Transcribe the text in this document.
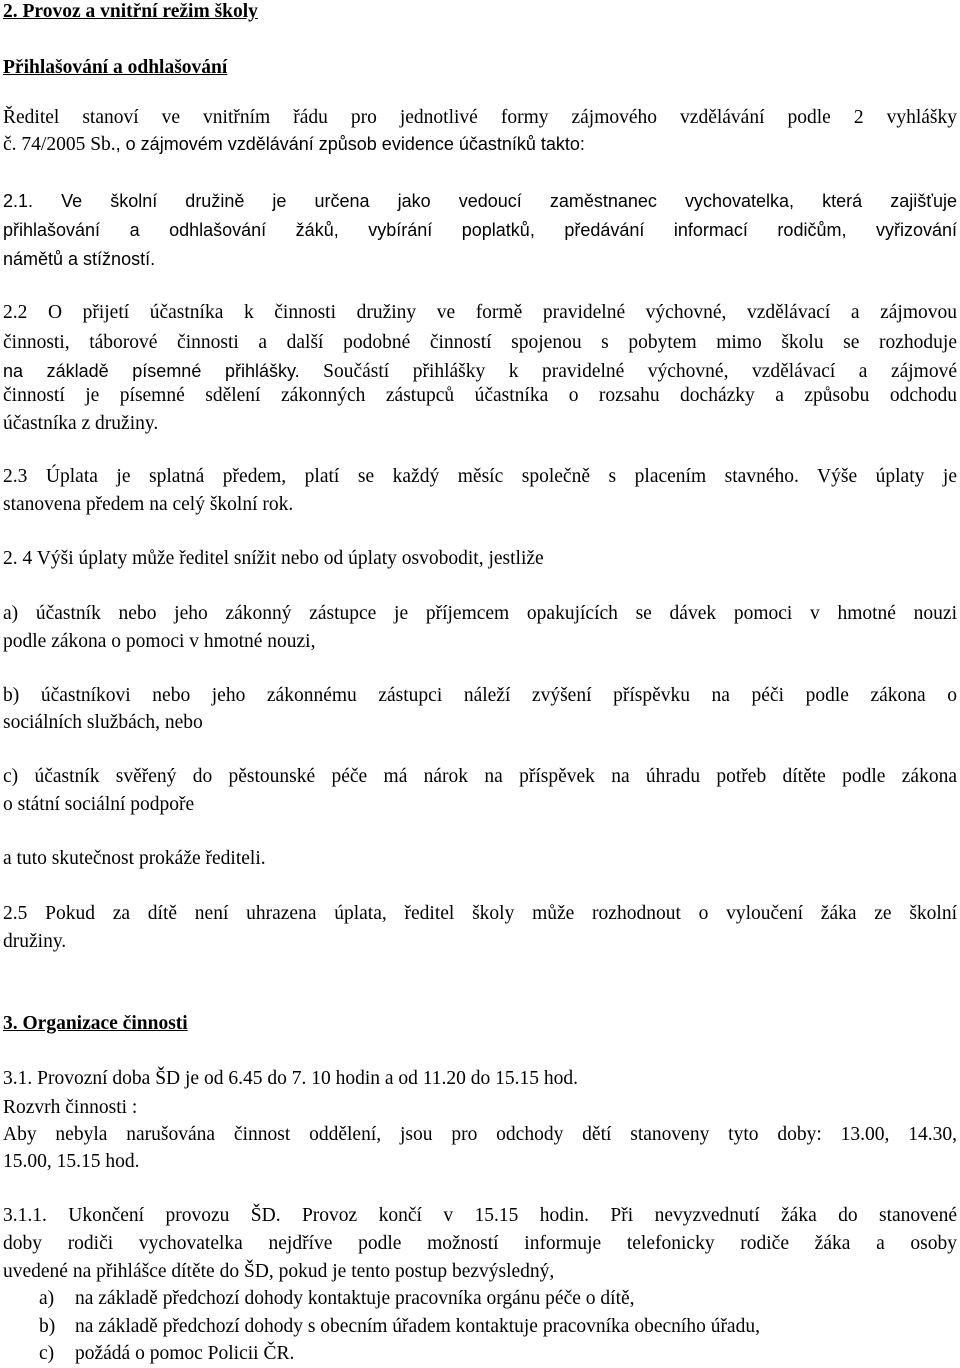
2. Provoz a vnitřní režim školy
Přihlašování a odhlašování
Ředitel stanoví ve vnitřním řádu pro jednotlivé formy zájmového vzdělávání podle 2 vyhlášky
č. 74/2005 Sb., o zájmovém vzdělávání způsob evidence účastníků takto:
2.1. Ve školní družině je určena jako vedoucí zaměstnanec vychovatelka, která zajišťuje
přihlašování a odhlašování žáků, vybírání poplatků, předávání informací rodičům, vyřizování
námětů a stížností.
2.2 O přijetí účastníka k činnosti družiny ve formě pravidelné výchovné, vzdělávací a zájmovou
činnosti, táborové činnosti a další podobné činností spojenou s pobytem mimo školu se rozhoduje
na základě písemné přihlášky. Součástí přihlášky k pravidelné výchovné, vzdělávací a zájmové
činností je písemné sdělení zákonných zástupců účastníka o rozsahu docházky a způsobu odchodu
účastníka z družiny.
2.3 Úplata je splatná předem, platí se každý měsíc společně s placením stavného. Výše úplaty je
stanovena předem na celý školní rok.
2. 4 Výši úplaty může ředitel snížit nebo od úplaty osvobodit, jestliže
a) účastník nebo jeho zákonný zástupce je příjemcem opakujících se dávek pomoci v hmotné nouzi
podle zákona o pomoci v hmotné nouzi,
b) účastníkovi nebo jeho zákonnému zástupci náleží zvýšení příspěvku na péči podle zákona o
sociálních službách, nebo
c) účastník svěřený do pěstounské péče má nárok na příspěvek na úhradu potřeb dítěte podle zákona
o státní sociální podpoře
a tuto skutečnost prokáže řediteli.
2.5 Pokud za dítě není uhrazena úplata, ředitel školy může rozhodnout o vyloučení žáka ze školní
družiny.
3. Organizace činnosti
3.1. Provozní doba ŠD je od 6.45 do 7. 10 hodin a od 11.20 do 15.15 hod.
Rozvrh činnosti :
Aby nebyla narušována činnost oddělení, jsou pro odchody dětí stanoveny tyto doby: 13.00, 14.30,
15.00, 15.15 hod.
3.1.1. Ukončení provozu ŠD. Provoz končí v 15.15 hodin. Při nevyzvednutí žáka do stanovené
doby rodiči vychovatelka nejdříve podle možností informuje telefonicky rodiče žáka a osoby
uvedené na přihlášce dítěte do ŠD, pokud je tento postup bezvýsledný,
a) na základě předchozí dohody kontaktuje pracovníka orgánu péče o dítě,
b) na základě předchozí dohody s obecním úřadem kontaktuje pracovníka obecního úřadu,
c) požádá o pomoc Policii ČR.
